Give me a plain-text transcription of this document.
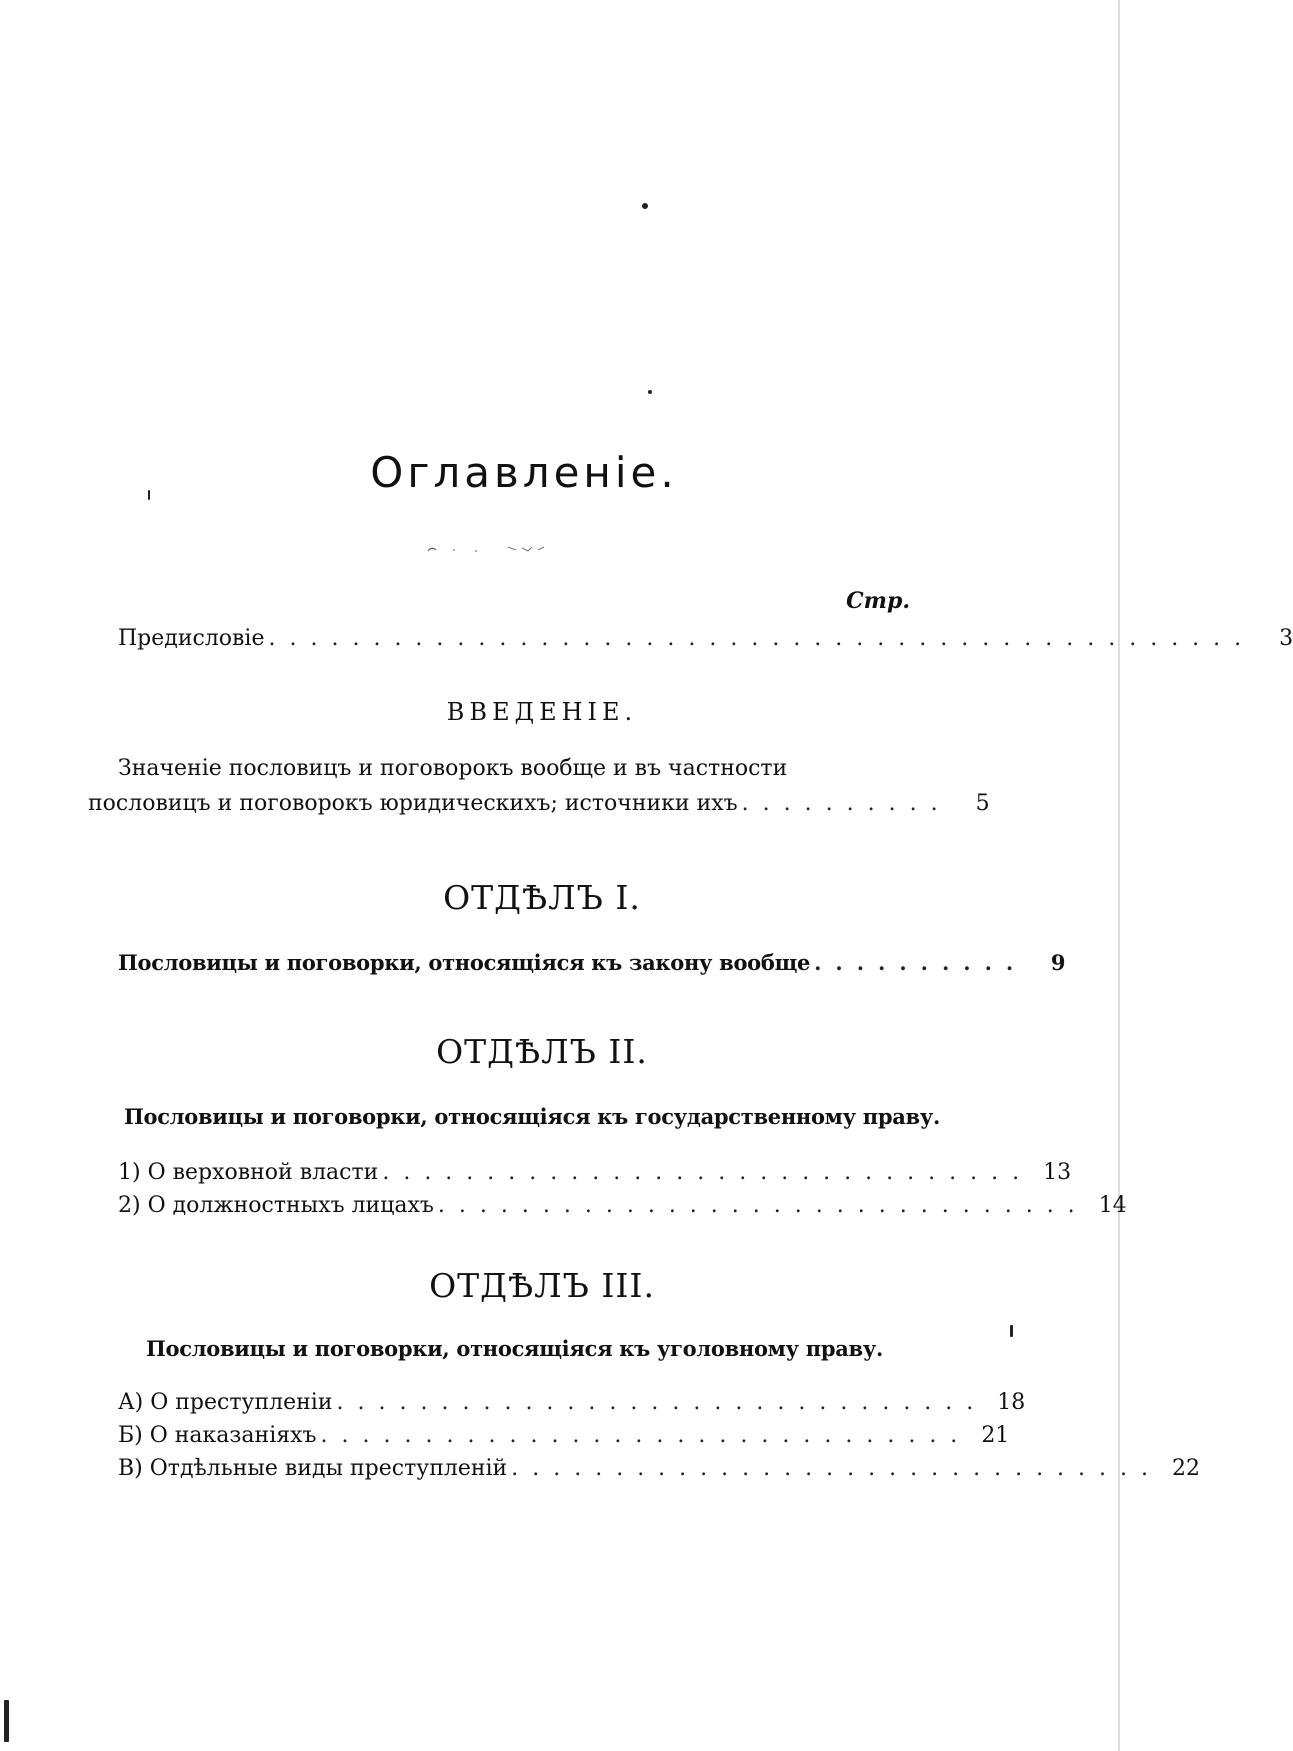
Оглавленіе.
Стр.
Предисловіе ...............................................	3
ВВЕДЕНІЕ.
Значеніе пословицъ и поговорокъ вообще и въ частности
пословицъ и поговорокъ юридическихъ; источники ихъ ..........	5
ОТДѢЛЪ I.
Пословицы и поговорки, относящіяся къ закону вообще ..........	9
ОТДѢЛЪ II.
Пословицы и поговорки, относящіяся къ государственному праву.
1) О верховной власти ............................... 13
2) О должностныхъ лицахъ ............................... 14
ОТДѢЛЪ III.
Пословицы и поговорки, относящіяся къ уголовному праву.
А) О преступленіи ............................... 18
Б) О наказаніяхъ ............................... 21
В) Отдѣльные виды преступленій ............................... 22
